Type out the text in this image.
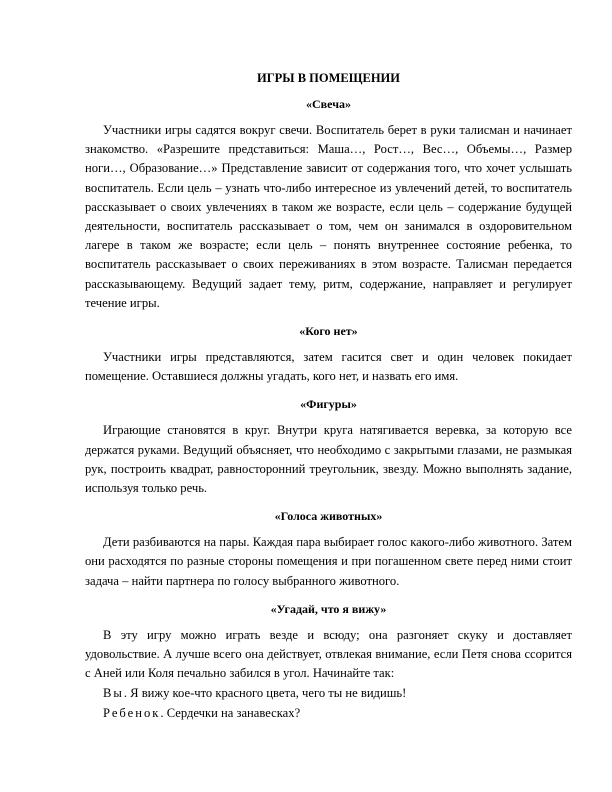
ИГРЫ В ПОМЕЩЕНИИ
«Свеча»

Участники игры садятся вокруг свечи. Воспитатель берет в руки талисман и начинает знакомство. «Разрешите представиться: Маша…, Рост…, Вес…, Объемы…, Размер ноги…, Образование…» Представление зависит от содержания того, что хочет услышать воспитатель. Если цель – узнать что-либо интересное из увлечений детей, то воспитатель рассказывает о своих увлечениях в таком же возрасте, если цель – содержание будущей деятельности, воспитатель рассказывает о том, чем он занимался в оздоровительном лагере в таком же возрасте; если цель – понять внутреннее состояние ребенка, то воспитатель рассказывает о своих переживаниях в этом возрасте. Талисман передается рассказывающему. Ведущий задает тему, ритм, содержание, направляет и регулирует течение игры.

«Кого нет»

Участники игры представляются, затем гасится свет и один человек покидает помещение. Оставшиеся должны угадать, кого нет, и назвать его имя.

«Фигуры»

Играющие становятся в круг. Внутри круга натягивается веревка, за которую все держатся руками. Ведущий объясняет, что необходимо с закрытыми глазами, не размыкая рук, построить квадрат, равносторонний треугольник, звезду. Можно выполнять задание, используя только речь.

«Голоса животных»

Дети разбиваются на пары. Каждая пара выбирает голос какого-либо животного. Затем они расходятся по разные стороны помещения и при погашенном свете перед ними стоит задача – найти партнера по голосу выбранного животного.

«Угадай, что я вижу»

В эту игру можно играть везде и всюду; она разгоняет скуку и доставляет удовольствие. А лучше всего она действует, отвлекая внимание, если Петя снова ссорится с Аней или Коля печально забился в угол. Начинайте так:

Вы. Я вижу кое-что красного цвета, чего ты не видишь!

Ребенок. Сердечки на занавесках?
